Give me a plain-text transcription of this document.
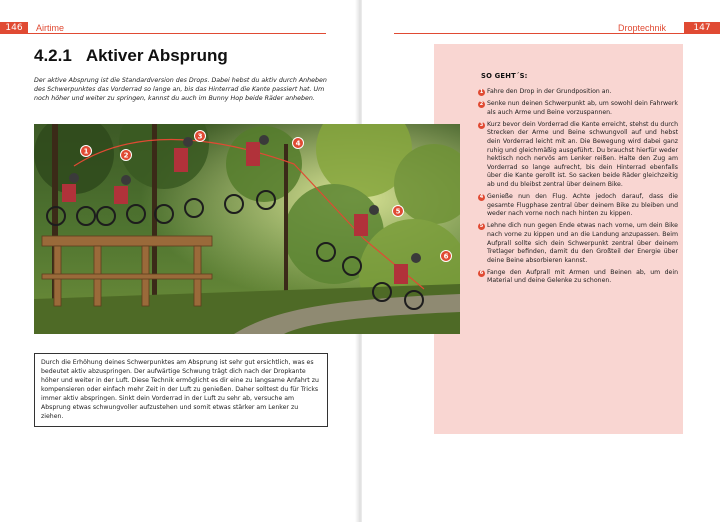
146	Airtime
4.2.1 Aktiver Absprung

Der aktive Absprung ist die Standardversion des Drops. Dabei hebst du aktiv durch Anheben des Schwerpunktes das Vorderrad so lange an, bis das Hinterrad die Kante passiert hat. Um noch höher und weiter zu springen, kannst du auch im Bunny Hop beide Räder anheben.

Durch die Erhöhung deines Schwerpunktes am Absprung ist sehr gut ersichtlich, was es bedeutet aktiv abzuspringen. Der aufwärtige Schwung trägt dich nach der Dropkante höher und weiter in der Luft. Diese Technik ermöglicht es dir eine zu langsame Anfahrt zu kompensieren oder einfach mehr Zeit in der Luft zu genießen. Daher solltest du für Tricks immer aktiv abspringen. Sinkt dein Vorderrad in der Luft zu sehr ab, versuche am Absprung etwas schwungvoller aufzustehen und somit etwas stärker am Lenker zu ziehen.
Droptechnik	147
SO GEHT´S:
1 Fahre den Drop in der Grundposition an.
2 Senke nun deinen Schwerpunkt ab, um sowohl dein Fahrwerk als auch Arme und Beine vorzuspannen.
3 Kurz bevor dein Vorderrad die Kante erreicht, stehst du durch Strecken der Arme und Beine schwungvoll auf und hebst dein Vorderrad leicht mit an. Die Bewegung wird dabei ganz ruhig und gleichmäßig ausgeführt. Du brauchst hierfür weder hektisch noch nervös am Lenker reißen. Halte den Zug am Vorderrad so lange aufrecht, bis dein Hinterrad ebenfalls über die Kante gerollt ist. So sacken beide Räder gleichzeitig ab und du bleibst zentral über deinem Bike.
4 Genieße nun den Flug. Achte jedoch darauf, dass die gesamte Flugphase zentral über deinem Bike zu bleiben und weder nach vorne noch nach hinten zu kippen.
5 Lehne dich nun gegen Ende etwas nach vorne, um dein Bike nach vorne zu kippen und an die Landung anzupassen. Beim Aufprall sollte sich dein Schwerpunkt zentral über deinem Tretlager befinden, damit du den Großteil der Energie über deine Beine absorbieren kannst.
6 Fange den Aufprall mit Armen und Beinen ab, um dein Material und deine Gelenke zu schonen.
1	2
3
4
5
6
